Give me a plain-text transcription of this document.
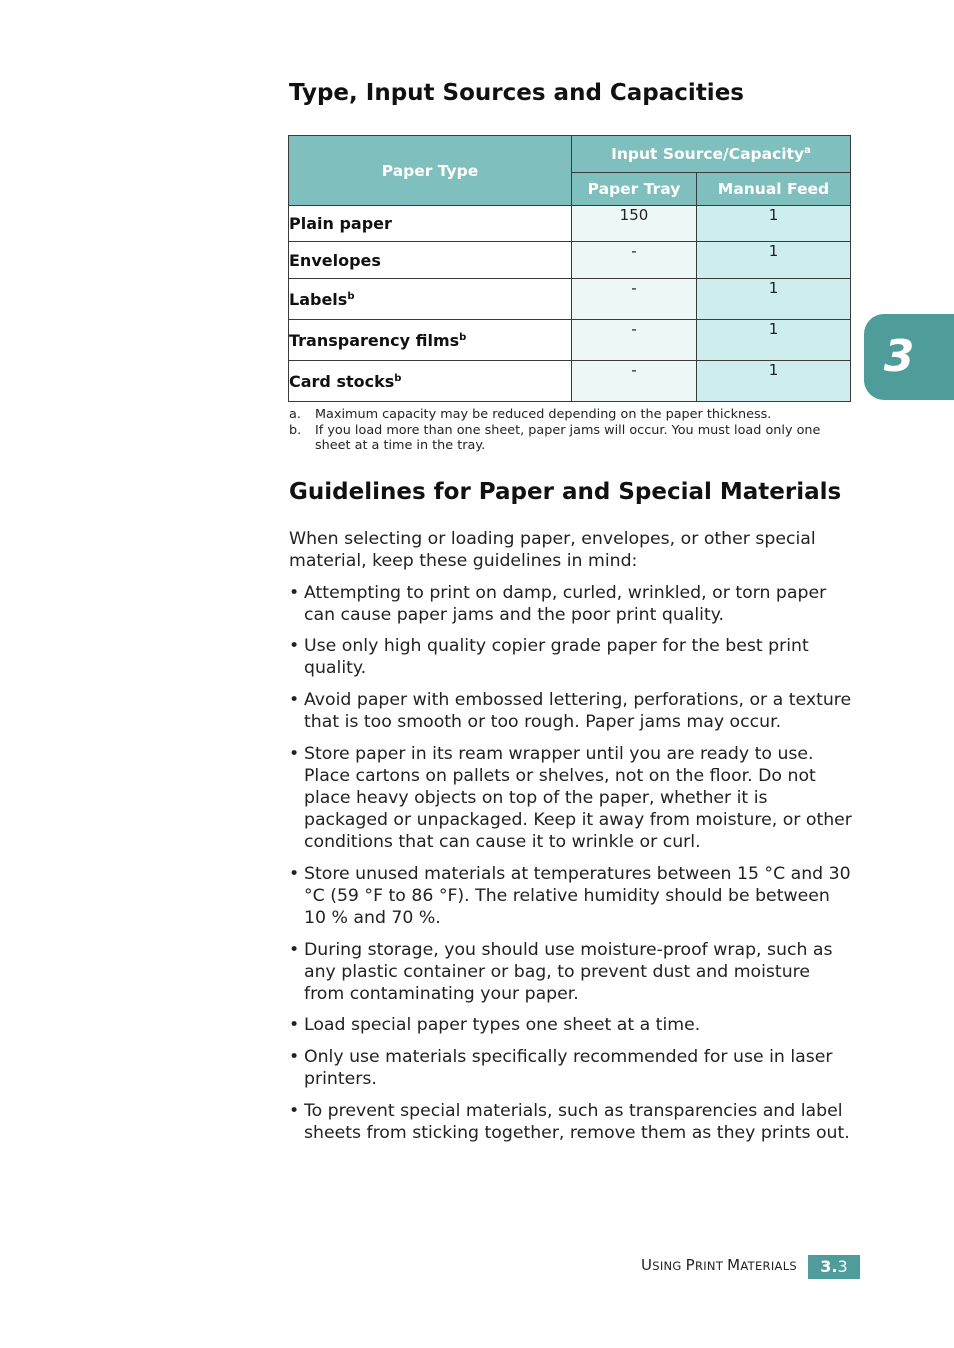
Type, Input Sources and Capacities
Paper Type	Input Source/Capacity$^a$
	Paper Tray	Manual Feed
Plain paper	150	1
Envelopes	-	1
Labels$^b$	-	1
Transparency films$^b$	-	1
Card stocks$^b$	-	1
a. Maximum capacity may be reduced depending on the paper thickness.
b. If you load more than one sheet, paper jams will occur. You must load only one sheet at a time in the tray.
Guidelines for Paper and Special Materials

When selecting or loading paper, envelopes, or other special material, keep these guidelines in mind:

• Attempting to print on damp, curled, wrinkled, or torn paper can cause paper jams and the poor print quality.
• Use only high quality copier grade paper for the best print quality.
• Avoid paper with embossed lettering, perforations, or a texture that is too smooth or too rough. Paper jams may occur.
• Store paper in its ream wrapper until you are ready to use. Place cartons on pallets or shelves, not on the floor. Do not place heavy objects on top of the paper, whether it is packaged or unpackaged. Keep it away from moisture, or other conditions that can cause it to wrinkle or curl.
• Store unused materials at temperatures between 15 °C and 30 °C (59 °F to 86 °F). The relative humidity should be between 10 % and 70 %.
• During storage, you should use moisture-proof wrap, such as any plastic container or bag, to prevent dust and moisture from contaminating your paper.
• Load special paper types one sheet at a time.
• Only use materials specifically recommended for use in laser printers.
• To prevent special materials, such as transparencies and label sheets from sticking together, remove them as they prints out.
3
USING PRINT MATERIALS	3.3
